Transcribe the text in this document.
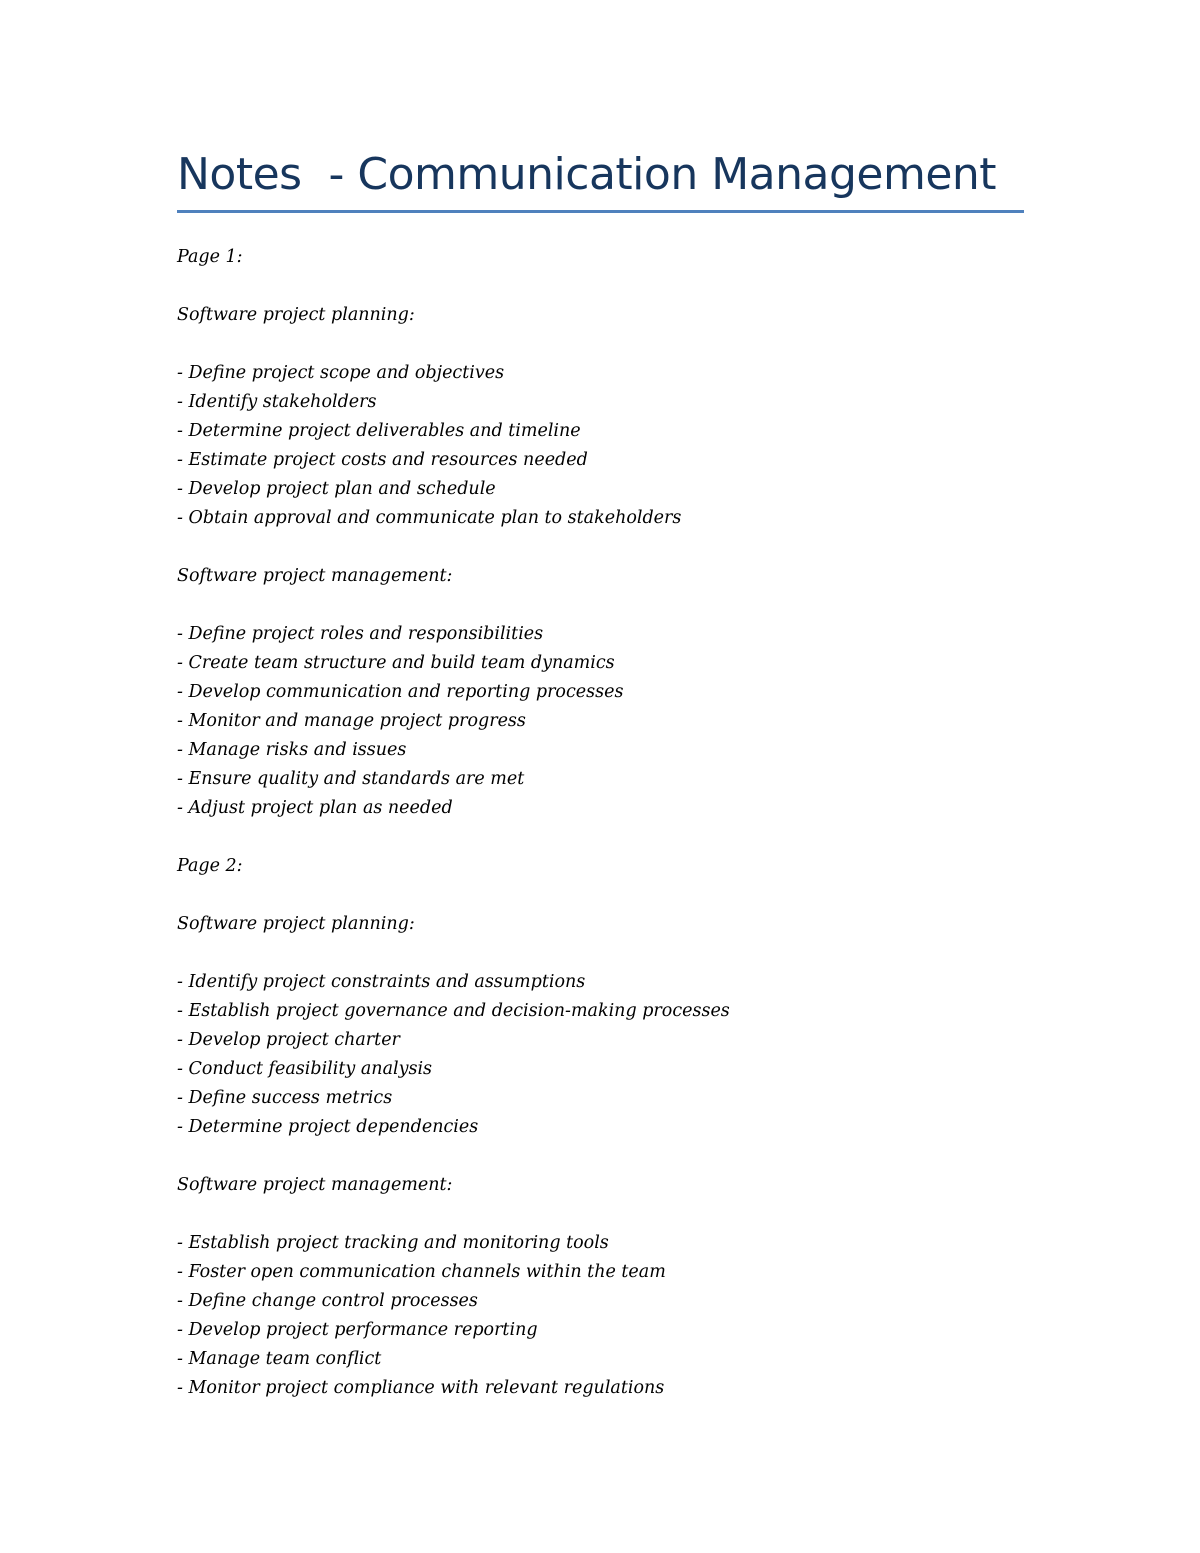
Notes  - Communication Management

Page 1:

Software project planning:

- Define project scope and objectives
- Identify stakeholders
- Determine project deliverables and timeline
- Estimate project costs and resources needed
- Develop project plan and schedule
- Obtain approval and communicate plan to stakeholders

Software project management:

- Define project roles and responsibilities
- Create team structure and build team dynamics
- Develop communication and reporting processes
- Monitor and manage project progress
- Manage risks and issues
- Ensure quality and standards are met
- Adjust project plan as needed

Page 2:

Software project planning:

- Identify project constraints and assumptions
- Establish project governance and decision-making processes
- Develop project charter
- Conduct feasibility analysis
- Define success metrics
- Determine project dependencies

Software project management:

- Establish project tracking and monitoring tools
- Foster open communication channels within the team
- Define change control processes
- Develop project performance reporting
- Manage team conflict
- Monitor project compliance with relevant regulations
